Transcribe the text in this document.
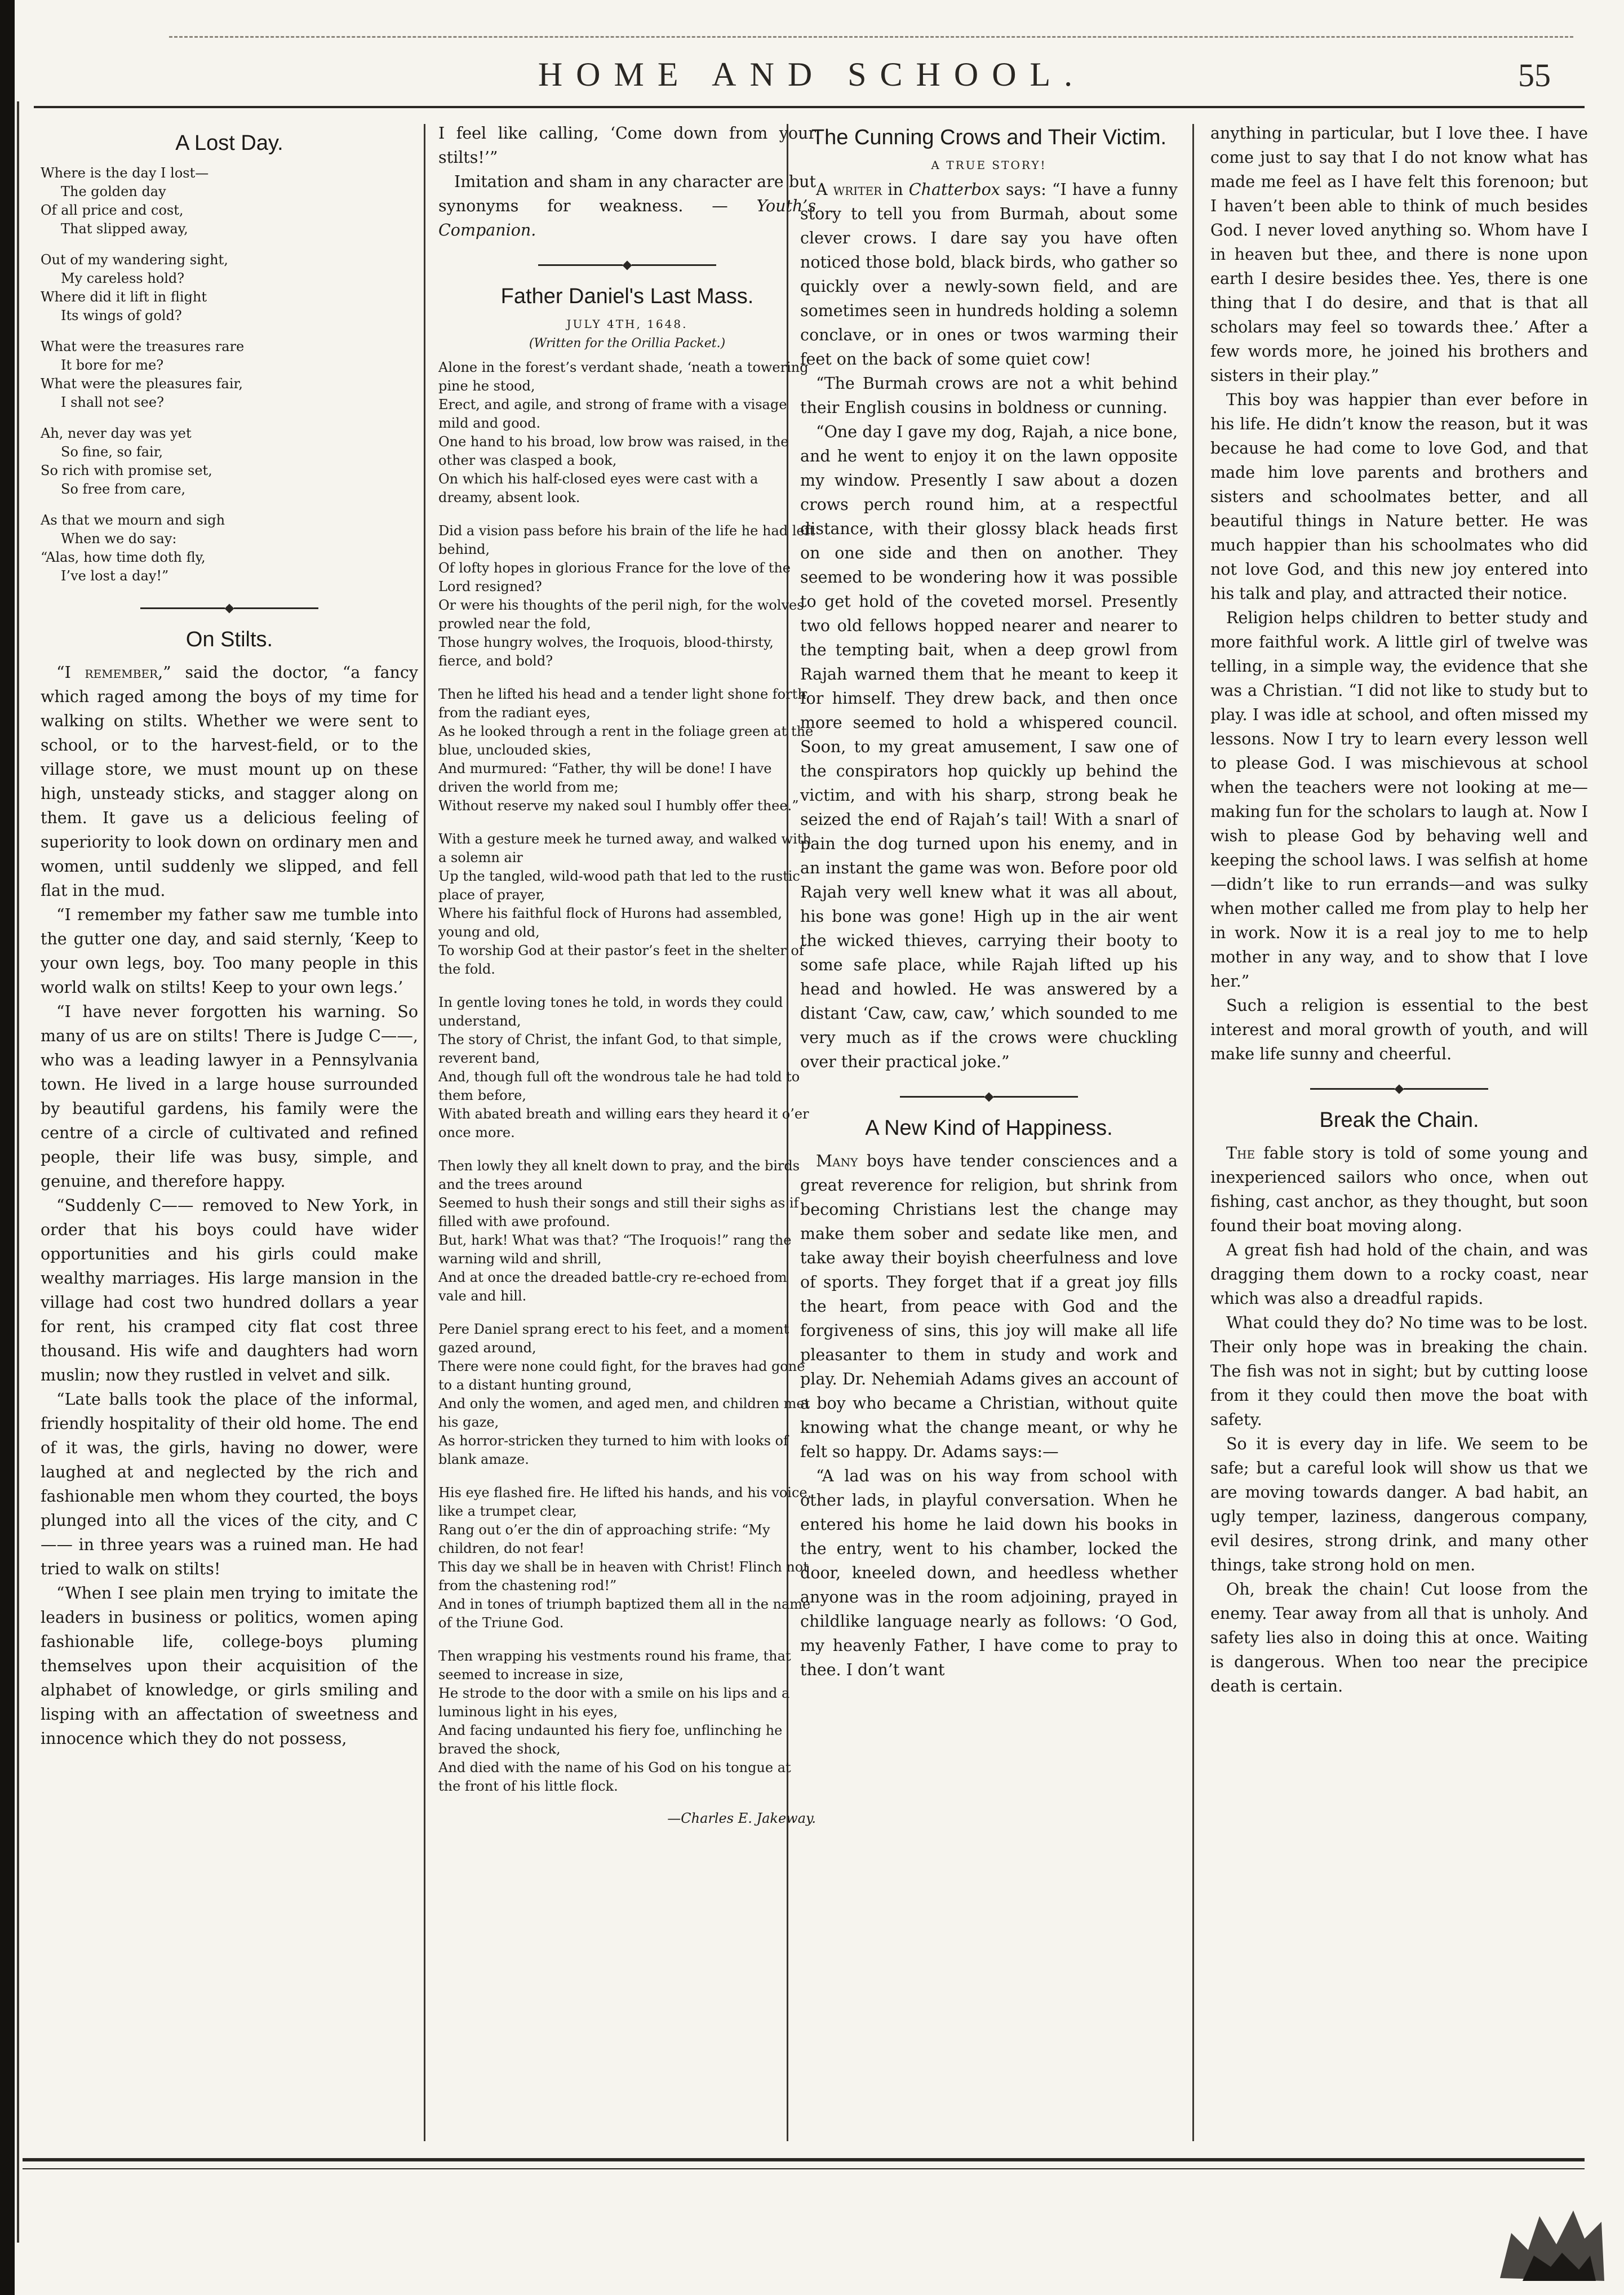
HOME AND SCHOOL.	55
A Lost Day.

Where is the day I lost—

The golden day

Of all price and cost,

That slipped away,

Out of my wandering sight,

My careless hold?

Where did it lift in flight

Its wings of gold?

What were the treasures rare

It bore for me?

What were the pleasures fair,

I shall not see?

Ah, never day was yet

So fine, so fair,

So rich with promise set,

So free from care,

As that we mourn and sigh

When we do say:

“Alas, how time doth fly,

I’ve lost a day!”

On Stilts.

“I remember,” said the doctor, “a fancy which raged among the boys of my time for walking on stilts. Whether we were sent to school, or to the harvest-field, or to the village store, we must mount up on these high, unsteady sticks, and stagger along on them. It gave us a delicious feeling of superiority to look down on ordinary men and women, until suddenly we slipped, and fell flat in the mud.

“I remember my father saw me tumble into the gutter one day, and said sternly, ‘Keep to your own legs, boy. Too many people in this world walk on stilts! Keep to your own legs.’

“I have never forgotten his warning. So many of us are on stilts! There is Judge C——, who was a leading lawyer in a Pennsylvania town. He lived in a large house surrounded by beautiful gardens, his family were the centre of a circle of cultivated and refined people, their life was busy, simple, and genuine, and therefore happy.

“Suddenly C—— removed to New York, in order that his boys could have wider opportunities and his girls could make wealthy marriages. His large mansion in the village had cost two hundred dollars a year for rent, his cramped city flat cost three thousand. His wife and daughters had worn muslin; now they rustled in velvet and silk.

“Late balls took the place of the informal, friendly hospitality of their old home. The end of it was, the girls, having no dower, were laughed at and neglected by the rich and fashionable men whom they courted, the boys plunged into all the vices of the city, and C—— in three years was a ruined man. He had tried to walk on stilts!

“When I see plain men trying to imitate the leaders in business or politics, women aping fashionable life, college-boys pluming themselves upon their acquisition of the alphabet of knowledge, or girls smiling and lisping with an affectation of sweetness and innocence which they do not possess,

I feel like calling, ‘Come down from your stilts!’”

Imitation and sham in any character are but synonyms for weakness. — Youth’s Companion.

Father Daniel's Last Mass.
JULY 4TH, 1648.
(Written for the Orillia Packet.)

Alone in the forest’s verdant shade, ‘neath a towering pine he stood,

Erect, and agile, and strong of frame with a visage mild and good.

One hand to his broad, low brow was raised, in the other was clasped a book,

On which his half-closed eyes were cast with a dreamy, absent look.

Did a vision pass before his brain of the life he had left behind,

Of lofty hopes in glorious France for the love of the Lord resigned?

Or were his thoughts of the peril nigh, for the wolves prowled near the fold,

Those hungry wolves, the Iroquois, blood-thirsty, fierce, and bold?

Then he lifted his head and a tender light shone forth from the radiant eyes,

As he looked through a rent in the foliage green at the blue, unclouded skies,

And murmured: “Father, thy will be done! I have driven the world from me;

Without reserve my naked soul I humbly offer thee.”

With a gesture meek he turned away, and walked with a solemn air

Up the tangled, wild-wood path that led to the rustic place of prayer,

Where his faithful flock of Hurons had assembled, young and old,

To worship God at their pastor’s feet in the shelter of the fold.

In gentle loving tones he told, in words they could understand,

The story of Christ, the infant God, to that simple, reverent band,

And, though full oft the wondrous tale he had told to them before,

With abated breath and willing ears they heard it o’er once more.

Then lowly they all knelt down to pray, and the birds and the trees around

Seemed to hush their songs and still their sighs as if filled with awe profound.

But, hark! What was that? “The Iroquois!” rang the warning wild and shrill,

And at once the dreaded battle-cry re-echoed from vale and hill.

Pere Daniel sprang erect to his feet, and a moment gazed around,

There were none could fight, for the braves had gone to a distant hunting ground,

And only the women, and aged men, and children met his gaze,

As horror-stricken they turned to him with looks of blank amaze.

His eye flashed fire. He lifted his hands, and his voice, like a trumpet clear,

Rang out o’er the din of approaching strife: “My children, do not fear!

This day we shall be in heaven with Christ! Flinch not from the chastening rod!”

And in tones of triumph baptized them all in the name of the Triune God.

Then wrapping his vestments round his frame, that seemed to increase in size,

He strode to the door with a smile on his lips and a luminous light in his eyes,

And facing undaunted his fiery foe, unflinching he braved the shock,

And died with the name of his God on his tongue at the front of his little flock.

—Charles E. Jakeway.
The Cunning Crows and Their Victim.
A TRUE STORY!

A writer in Chatterbox says: “I have a funny story to tell you from Burmah, about some clever crows. I dare say you have often noticed those bold, black birds, who gather so quickly over a newly-sown field, and are sometimes seen in hundreds holding a solemn conclave, or in ones or twos warming their feet on the back of some quiet cow!

“The Burmah crows are not a whit behind their English cousins in boldness or cunning.

“One day I gave my dog, Rajah, a nice bone, and he went to enjoy it on the lawn opposite my window. Presently I saw about a dozen crows perch round him, at a respectful distance, with their glossy black heads first on one side and then on another. They seemed to be wondering how it was possible to get hold of the coveted morsel. Presently two old fellows hopped nearer and nearer to the tempting bait, when a deep growl from Rajah warned them that he meant to keep it for himself. They drew back, and then once more seemed to hold a whispered council. Soon, to my great amusement, I saw one of the conspirators hop quickly up behind the victim, and with his sharp, strong beak he seized the end of Rajah’s tail! With a snarl of pain the dog turned upon his enemy, and in an instant the game was won. Before poor old Rajah very well knew what it was all about, his bone was gone! High up in the air went the wicked thieves, carrying their booty to some safe place, while Rajah lifted up his head and howled. He was answered by a distant ‘Caw, caw, caw,’ which sounded to me very much as if the crows were chuckling over their practical joke.”

A New Kind of Happiness.

Many boys have tender consciences and a great reverence for religion, but shrink from becoming Christians lest the change may make them sober and sedate like men, and take away their boyish cheerfulness and love of sports. They forget that if a great joy fills the heart, from peace with God and the forgiveness of sins, this joy will make all life pleasanter to them in study and work and play. Dr. Nehemiah Adams gives an account of a boy who became a Christian, without quite knowing what the change meant, or why he felt so happy. Dr. Adams says:—

“A lad was on his way from school with other lads, in playful conversation. When he entered his home he laid down his books in the entry, went to his chamber, locked the door, kneeled down, and heedless whether anyone was in the room adjoining, prayed in childlike language nearly as follows: ‘O God, my heavenly Father, I have come to pray to thee. I don’t want

anything in particular, but I love thee. I have come just to say that I do not know what has made me feel as I have felt this forenoon; but I haven’t been able to think of much besides God. I never loved anything so. Whom have I in heaven but thee, and there is none upon earth I desire besides thee. Yes, there is one thing that I do desire, and that is that all scholars may feel so towards thee.’ After a few words more, he joined his brothers and sisters in their play.”

This boy was happier than ever before in his life. He didn’t know the reason, but it was because he had come to love God, and that made him love parents and brothers and sisters and schoolmates better, and all beautiful things in Nature better. He was much happier than his schoolmates who did not love God, and this new joy entered into his talk and play, and attracted their notice.

Religion helps children to better study and more faithful work. A little girl of twelve was telling, in a simple way, the evidence that she was a Christian. “I did not like to study but to play. I was idle at school, and often missed my lessons. Now I try to learn every lesson well to please God. I was mischievous at school when the teachers were not looking at me—making fun for the scholars to laugh at. Now I wish to please God by behaving well and keeping the school laws. I was selfish at home—didn’t like to run errands—and was sulky when mother called me from play to help her in work. Now it is a real joy to me to help mother in any way, and to show that I love her.”

Such a religion is essential to the best interest and moral growth of youth, and will make life sunny and cheerful.

Break the Chain.

The fable story is told of some young and inexperienced sailors who once, when out fishing, cast anchor, as they thought, but soon found their boat moving along.

A great fish had hold of the chain, and was dragging them down to a rocky coast, near which was also a dreadful rapids.

What could they do? No time was to be lost. Their only hope was in breaking the chain. The fish was not in sight; but by cutting loose from it they could then move the boat with safety.

So it is every day in life. We seem to be safe; but a careful look will show us that we are moving towards danger. A bad habit, an ugly temper, laziness, dangerous company, evil desires, strong drink, and many other things, take strong hold on men.

Oh, break the chain! Cut loose from the enemy. Tear away from all that is unholy. And safety lies also in doing this at once. Waiting is dangerous. When too near the precipice death is certain.
